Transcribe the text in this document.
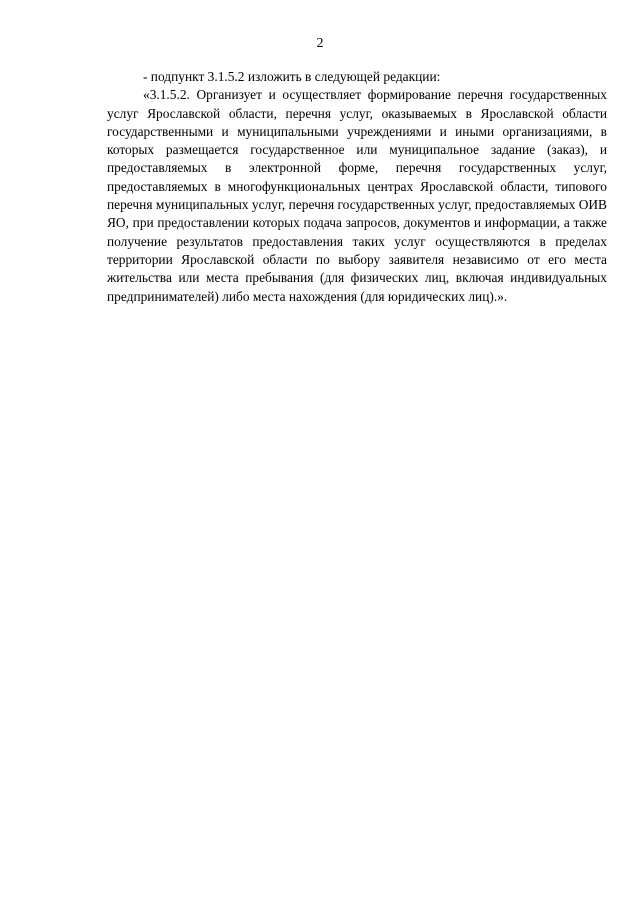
2

- подпункт 3.1.5.2 изложить в следующей редакции:

«3.1.5.2. Организует и осуществляет формирование перечня государственных услуг Ярославской области, перечня услуг, оказываемых в Ярославской области государственными и муниципальными учреждениями и иными организациями, в которых размещается государственное или муниципальное задание (заказ), и предоставляемых в электронной форме, перечня государственных услуг, предоставляемых в многофункциональных центрах Ярославской области, типового перечня муниципальных услуг, перечня государственных услуг, предоставляемых ОИВ ЯО, при предоставлении которых подача запросов, документов и информации, а также получение результатов предоставления таких услуг осуществляются в пределах территории Ярославской области по выбору заявителя независимо от его места жительства или места пребывания (для физических лиц, включая индивидуальных предпринимателей) либо места нахождения (для юридических лиц).».
